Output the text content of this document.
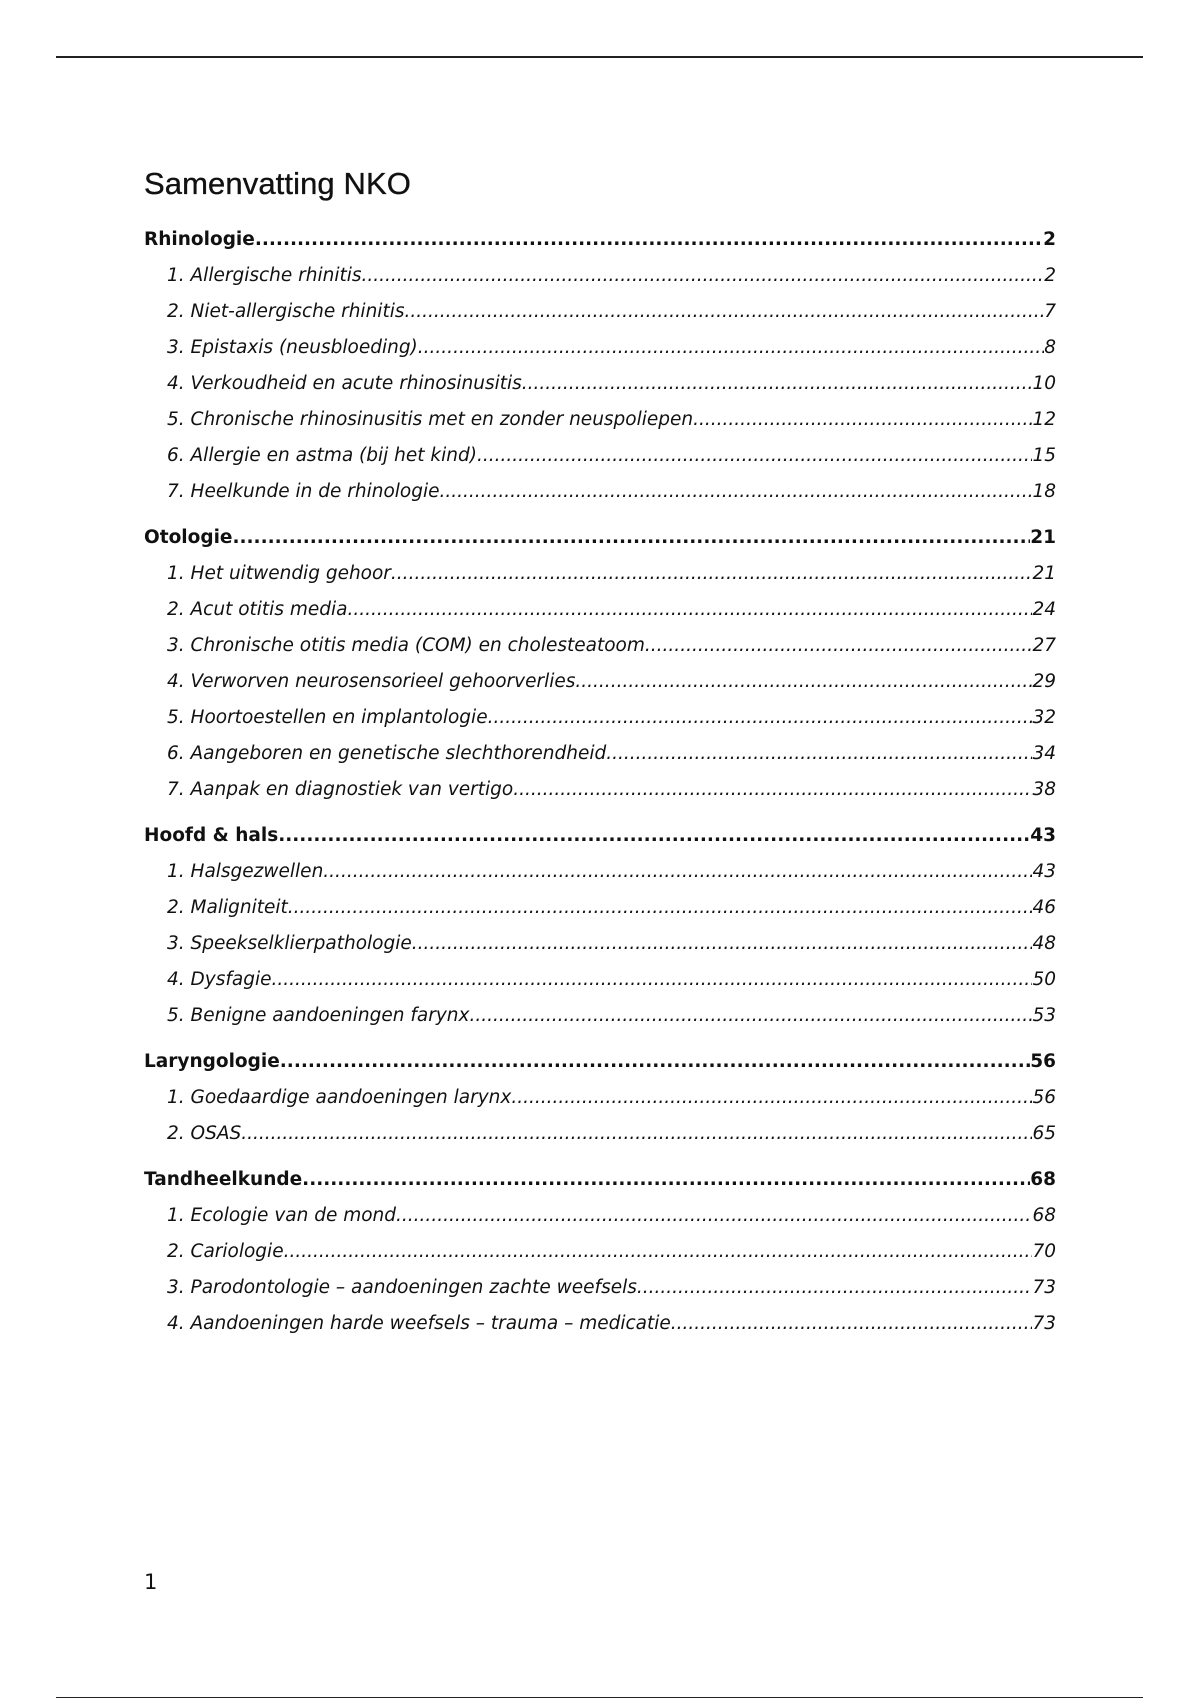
Samenvatting NKO
Rhinologie .....	2
1. Allergische rhinitis .....	2
2. Niet-allergische rhinitis .....	7
3. Epistaxis (neusbloeding) .....	8
4. Verkoudheid en acute rhinosinusitis .....	10
5. Chronische rhinosinusitis met en zonder neuspoliepen .....	12
6. Allergie en astma (bij het kind) .....	15
7. Heelkunde in de rhinologie .....	18
Otologie .....	21
1. Het uitwendig gehoor .....	21
2. Acut otitis media .....	24
3. Chronische otitis media (COM) en cholesteatoom .....	27
4. Verworven neurosensorieel gehoorverlies .....	29
5. Hoortoestellen en implantologie .....	32
6. Aangeboren en genetische slechthorendheid .....	34
7. Aanpak en diagnostiek van vertigo .....	38
Hoofd & hals .....	43
1. Halsgezwellen .....	43
2. Maligniteit .....	46
3. Speekselklierpathologie .....	48
4. Dysfagie .....	50
5. Benigne aandoeningen farynx .....	53
Laryngologie .....	56
1. Goedaardige aandoeningen larynx .....	56
2. OSAS .....	65
Tandheelkunde .....	68
1. Ecologie van de mond .....	68
2. Cariologie .....	70
3. Parodontologie – aandoeningen zachte weefsels .....	73
4. Aandoeningen harde weefsels – trauma – medicatie .....	73
1
